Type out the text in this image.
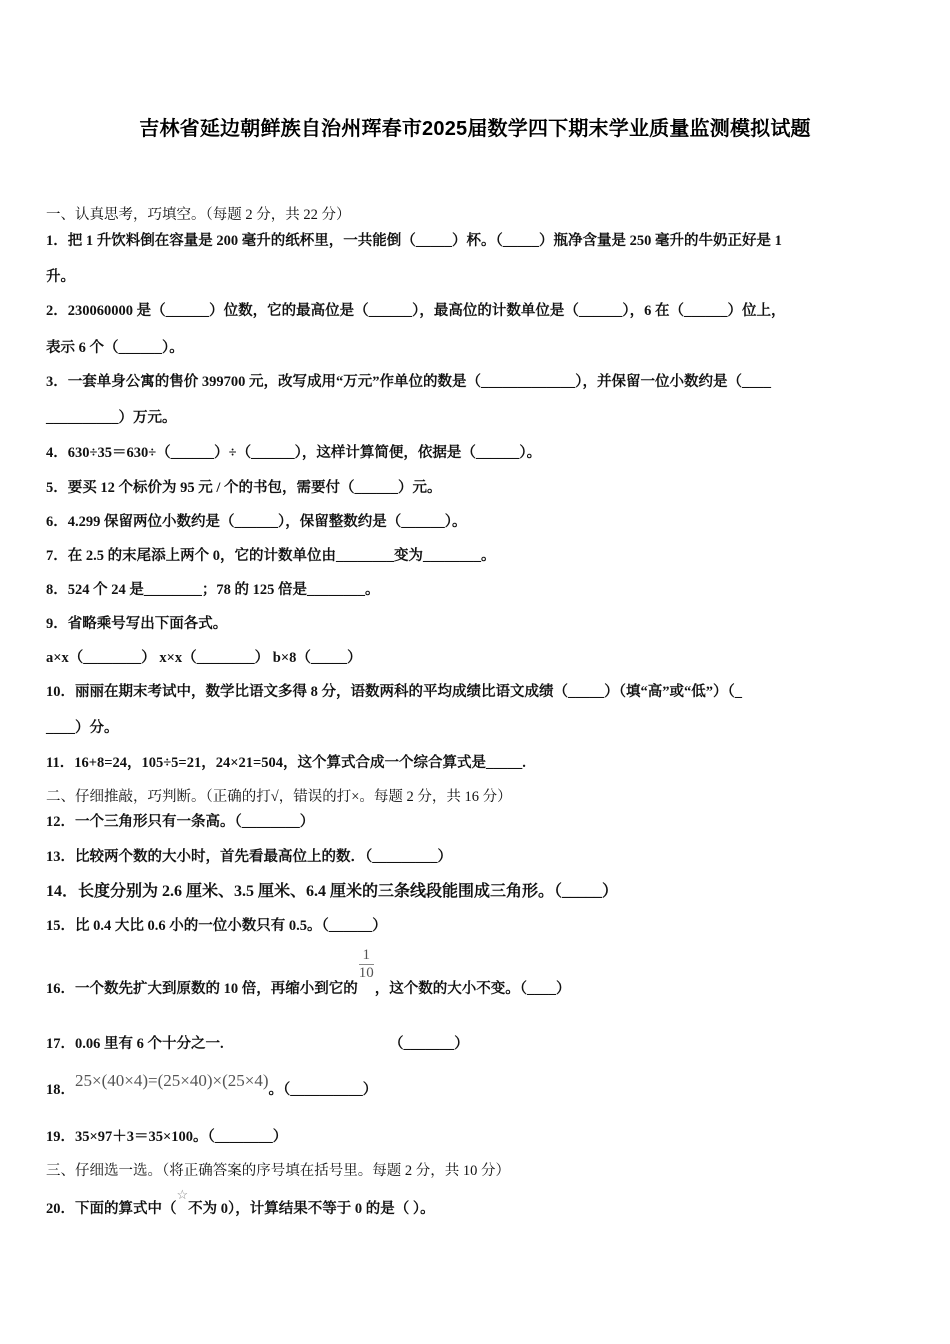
吉林省延边朝鲜族自治州珲春市2025届数学四下期末学业质量监测模拟试题
一、认真思考，巧填空。（每题 2 分，共 22 分）
1．把 1 升饮料倒在容量是 200 毫升的纸杯里，一共能倒（_____）杯。（_____）瓶净含量是 250 毫升的牛奶正好是 1
升。
2．230060000 是（______）位数，它的最高位是（______），最高位的计数单位是（______），6 在（______）位上，
表示 6 个（______）。
3．一套单身公寓的售价 399700 元，改写成用“万元”作单位的数是（_____________），并保留一位小数约是（____
__________）万元。
4．630÷35＝630÷（______）÷（______），这样计算简便，依据是（______）。
5．要买 12 个标价为 95 元 / 个的书包，需要付（______）元。
6．4.299 保留两位小数约是（______），保留整数约是（______）。
7．在 2.5 的末尾添上两个 0，它的计数单位由________变为________。
8．524 个 24 是________；78 的 125 倍是________。
9．省略乘号写出下面各式。
a×x（________） x×x（________） b×8（_____）
10．丽丽在期末考试中，数学比语文多得 8 分，语数两科的平均成绩比语文成绩（_____）（填“高”或“低”）（_
____）分。
11．16+8=24，105÷5=21，24×21=504，这个算式合成一个综合算式是_____.
二、仔细推敲，巧判断。（正确的打√，错误的打×。每题 2 分，共 16 分）
12．一个三角形只有一条高。（________）
13．比较两个数的大小时，首先看最高位上的数．（_________）
14．长度分别为 2.6 厘米、3.5 厘米、6.4 厘米的三条线段能围成三角形。（_____）
15．比 0.4 大比 0.6 小的一位小数只有 0.5。（______）
16．一个数先扩大到原数的 10 倍，再缩小到它的
$\frac{1}{10}$
，这个数的大小不变。（____）
17．0.06 里有 6 个十分之一.	（_______）
18．25×(40×4)=(25×40)×(25×4)。（__________）
19．35×97＋3＝35×100。（________）
三、仔细选一选。（将正确答案的序号填在括号里。每题 2 分，共 10 分）
20．下面的算式中（☆不为 0），计算结果不等于 0 的是（ ）。
